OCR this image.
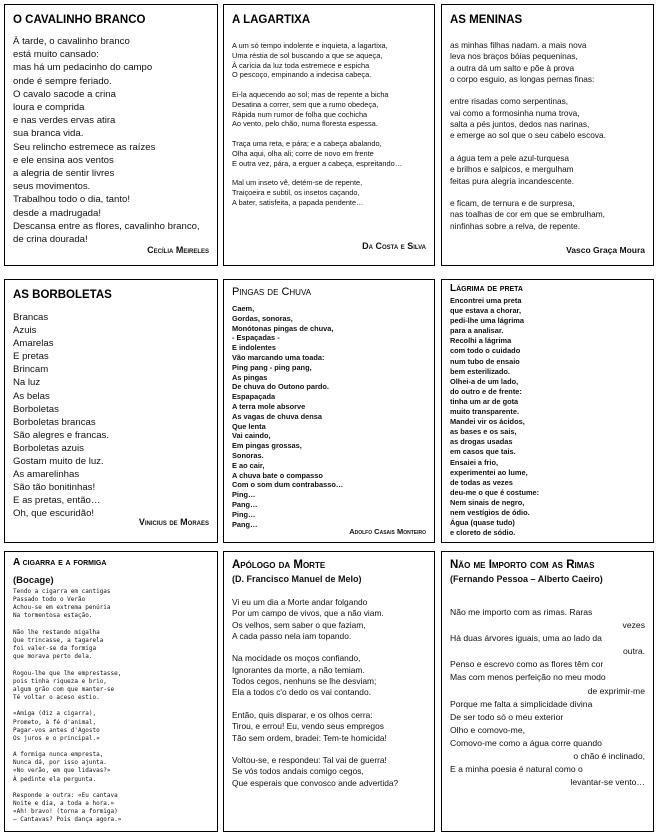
O CAVALINHO BRANCO
À tarde, o cavalinho branco
está muito cansado:
mas há um pedacinho do campo
onde é sempre feriado.
O cavalo sacode a crina
loura e comprida
e nas verdes ervas atira
sua branca vida.
Seu relincho estremece as raízes
e ele ensina aos ventos
a alegria de sentir livres
seus movimentos.
Trabalhou todo o dia, tanto!
desde a madrugada!
Descansa entre as flores, cavalinho branco,
de crina dourada!
Cecília Meireles
A LAGARTIXA
A um só tempo indolente e inquieta, a lagartixa,
Uma réstia de sol buscando a que se aqueça,
À carícia da luz toda estremece e espicha
O pescoço, empinando a indecisa cabeça.

Ei-la aquecendo ao sol; mas de repente a bicha
Desatina a correr, sem que a rumo obedeça,
Rápida num rumor de folha que cochicha
Ao vento, pelo chão, numa floresta espessa.

Traça uma reta, e pára; e a cabeça abalando,
Olha aqui, olha ali; corre de novo em frente
E outra vez, pára, a erguer a cabeça, espreitando…

Mal um inseto vê, detém-se de repente,
Traiçoeira e subtil, os insetos caçando,
A bater, satisfeita, a papada pendente…
Da Costa e Silva
AS MENINAS
as minhas filhas nadam. a mais nova
leva nos braços bóias pequeninas,
a outra dá um salto e põe à prova
o corpo esguio, as longas pernas finas:

entre risadas como serpentinas,
vai como a formosinha numa trova,
salta a pés juntos, dedos nas narinas,
e emerge ao sol que o seu cabelo escova.

a água tem a pele azul-turquesa
e brilhos e salpicos, e mergulham
feitas pura alegria incandescente.

e ficam, de ternura e de surpresa,
nas toalhas de cor em que se embrulham,
ninfinhas sobre a relva, de repente.
Vasco Graça Moura
AS BORBOLETAS
Brancas
Azuis
Amarelas
E pretas
Brincam
Na luz
As belas
Borboletas
Borboletas brancas
São alegres e francas.
Borboletas azuis
Gostam muito de luz.
As amarelinhas
São tão bonitinhas!
E as pretas, então…
Oh, que escuridão!
Vinicius de Moraes
Pingas de Chuva
Caem,
Gordas, sonoras,
Monótonas pingas de chuva,
- Espaçadas -
E indolentes
Vão marcando uma toada:
Ping pang - ping pang,
As pingas
De chuva do Outono pardo.
Espapaçada
A terra mole absorve
As vagas de chuva densa
Que lenta
Vai caindo,
Em pingas grossas,
Sonoras.
E ao cair,
A chuva bate o compasso
Com o som dum contrabasso…
Ping…
Pang…
Ping…
Pang…
Adolfo Casais Monteiro
Lágrima de preta
Encontrei uma preta
que estava a chorar,
pedi-lhe uma lágrima
para a analisar.
Recolhi a lágrima
com todo o cuidado
num tubo de ensaio
bem esterilizado.
Olhei-a de um lado,
do outro e de frente:
tinha um ar de gota
muito transparente.
Mandei vir os ácidos,
as bases e os sais,
as drogas usadas
em casos que tais.
Ensaiei a frio,
experimentei ao lume,
de todas as vezes
deu-me o que é costume:
Nem sinais de negro,
nem vestígios de ódio.
Água (quase tudo)
e cloreto de sódio.
A cigarra e a formiga
(Bocage)
Tendo a cigarra em cantigas
Passado todo o Verão
Achou-se em extrema penúria
Na tormentosa estação.

Não lhe restando migalha
Que trincasse, a tagarela
foi valer-se da formiga
que morava perto dela.

Rogou-lhe que lhe emprestasse,
pois tinha riqueza e brio,
algum grão com que manter-se
Té voltar o aceso estio.

«Amiga (diz a cigarra),
Prometo, à fé d'animal,
Pagar-vos antes d'Agosto
Os juros e o principal.»

A formiga nunca empresta,
Nunca dá, por isso ajunta.
«No verão, em que lidavas?»
À pedinte ela pergunta.

Responde a outra: «Eu cantava
Noite e dia, a toda a hora.»
«Ah! bravo! (torna a formiga)
— Cantavas? Pois dança agora.»
Apólogo da Morte
(D. Francisco Manuel de Melo)
Vi eu um dia a Morte andar folgando
Por um campo de vivos, que a não viam.
Os velhos, sem saber o que faziam,
A cada passo nela iam topando.

Na mocidade os moços confiando,
Ignorantes da morte, a não temiam.
Todos cegos, nenhuns se lhe desviam;
Ela a todos c'o dedo os vai contando.

Então, quis disparar, e os olhos cerra:
Tirou, e errou! Eu, vendo seus empregos
Tão sem ordem, bradei: Tem-te homicida!

Voltou-se, e respondeu: Tal vai de guerra!
Se vós todos andais comigo cegos,
Que esperais que convosco ande advertida?
Não me Importo com as Rimas
(Fernando Pessoa – Alberto Caeiro)
Não me importo com as rimas. Raras
vezes
Há duas árvores iguais, uma ao lado da
outra.
Penso e escrevo como as flores têm cor
Mas com menos perfeição no meu modo
de exprimir-me
Porque me falta a simplicidade divina
De ser todo só o meu exterior
Olho e comovo-me,
Comovo-me como a água corre quando
o chão é inclinado,
E a minha poesia é natural como o
levantar-se vento…
